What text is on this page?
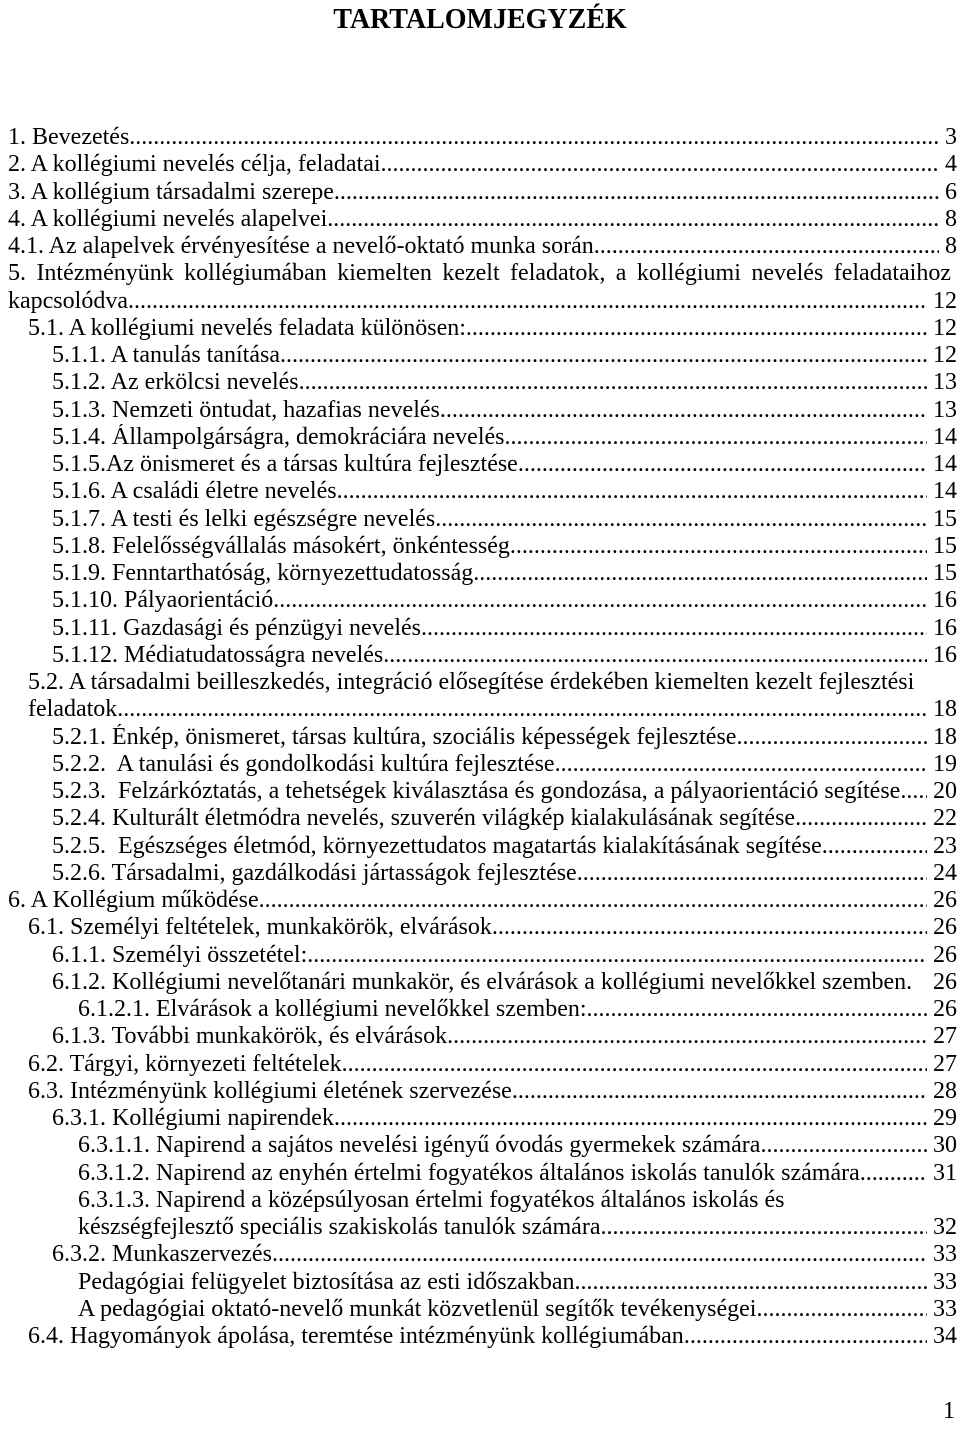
TARTALOMJEGYZÉK
1. Bevezetés .....	3
2. A kollégiumi nevelés célja, feladatai .....	4
3. A kollégium társadalmi szerepe .....	6
4. A kollégiumi nevelés alapelvei .....	8
4.1. Az alapelvek érvényesítése a nevelő-oktató munka során .....	8
5. Intézményünk kollégiumában kiemelten kezelt feladatok, a kollégiumi nevelés feladataihoz
kapcsolódva .....	12
5.1. A kollégiumi nevelés feladata különösen: .....	12
5.1.1. A tanulás tanítása .....	12
5.1.2. Az erkölcsi nevelés .....	13
5.1.3. Nemzeti öntudat, hazafias nevelés .....	13
5.1.4. Állampolgárságra, demokráciára nevelés .....	14
5.1.5.Az önismeret és a társas kultúra fejlesztése .....	14
5.1.6. A családi életre nevelés .....	14
5.1.7. A testi és lelki egészségre nevelés .....	15
5.1.8. Felelősségvállalás másokért, önkéntesség .....	15
5.1.9. Fenntarthatóság, környezettudatosság .....	15
5.1.10. Pályaorientáció .....	16
5.1.11. Gazdasági és pénzügyi nevelés .....	16
5.1.12. Médiatudatosságra nevelés .....	16
5.2. A társadalmi beilleszkedés, integráció elősegítése érdekében kiemelten kezelt fejlesztési
feladatok .....	18
5.2.1. Énkép, önismeret, társas kultúra, szociális képességek fejlesztése .....	18
5.2.2.  A tanulási és gondolkodási kultúra fejlesztése .....	19
5.2.3.  Felzárkóztatás, a tehetségek kiválasztása és gondozása, a pályaorientáció segítése ..... 20
5.2.4. Kulturált életmódra nevelés, szuverén világkép kialakulásának segítése .....	22
5.2.5.  Egészséges életmód, környezettudatos magatartás kialakításának segítése .....	23
5.2.6. Társadalmi, gazdálkodási jártasságok fejlesztése .....	24
6. A Kollégium működése .....	26
6.1. Személyi feltételek, munkakörök, elvárások .....	26
6.1.1. Személyi összetétel: .....	26
6.1.2. Kollégiumi nevelőtanári munkakör, és elvárások a kollégiumi nevelőkkel szemben. 26
6.1.2.1. Elvárások a kollégiumi nevelőkkel szemben: .....	26
6.1.3. További munkakörök, és elvárások .....	27
6.2. Tárgyi, környezeti feltételek .....	27
6.3. Intézményünk kollégiumi életének szervezése .....	28
6.3.1. Kollégiumi napirendek .....	29
6.3.1.1. Napirend a sajátos nevelési igényű óvodás gyermekek számára .....	30
6.3.1.2. Napirend az enyhén értelmi fogyatékos általános iskolás tanulók számára .....	31
6.3.1.3. Napirend a középsúlyosan értelmi fogyatékos általános iskolás és
készségfejlesztő speciális szakiskolás tanulók számára .....	32
6.3.2. Munkaszervezés .....	33
Pedagógiai felügyelet biztosítása az esti időszakban .....	33
A pedagógiai oktató-nevelő munkát közvetlenül segítők tevékenységei .....	33
6.4. Hagyományok ápolása, teremtése intézményünk kollégiumában .....	34
1
